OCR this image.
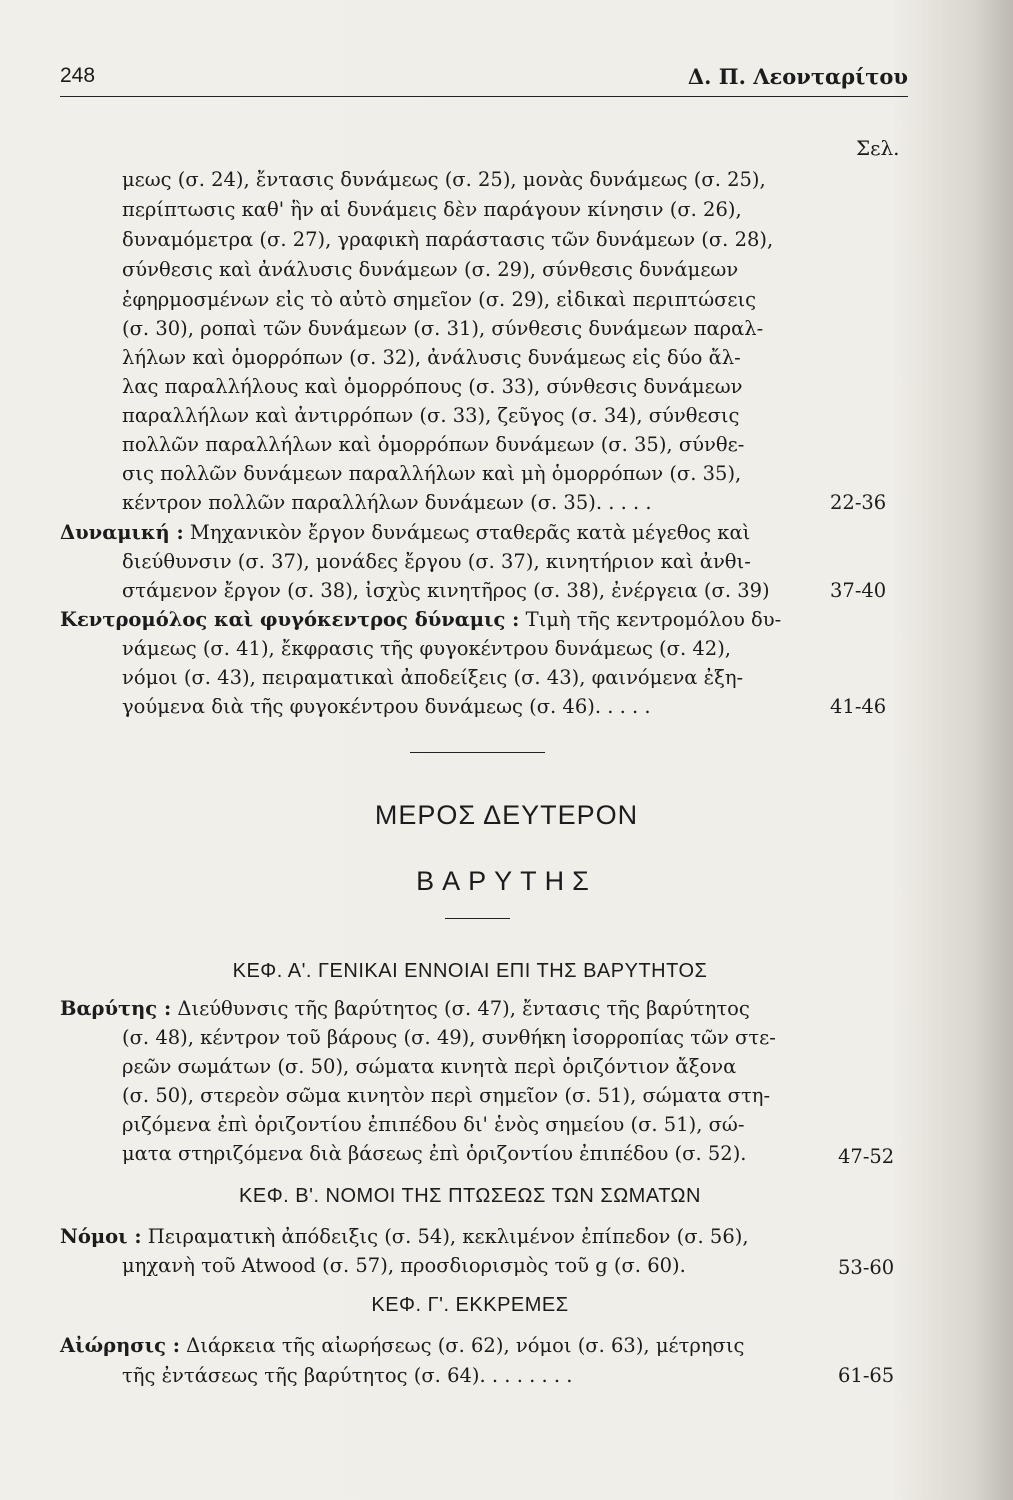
248	Δ. Π. Λεονταρίτου
Σελ.
μεως (σ. 24), ἔντασις δυνάμεως (σ. 25), μονὰς δυνάμεως (σ. 25),
περίπτωσις καθ' ἣν αἱ δυνάμεις δὲν παράγουν κίνησιν (σ. 26),
δυναμόμετρα (σ. 27), γραφικὴ παράστασις τῶν δυνάμεων (σ. 28),
σύνθεσις καὶ ἀνάλυσις δυνάμεων (σ. 29), σύνθεσις δυνάμεων
ἐφηρμοσμένων εἰς τὸ αὐτὸ σημεῖον (σ. 29), εἰδικαὶ περιπτώσεις
(σ. 30), ροπαὶ τῶν δυνάμεων (σ. 31), σύνθεσις δυνάμεων παραλ-
λήλων καὶ ὁμορρόπων (σ. 32), ἀνάλυσις δυνάμεως εἰς δύο ἄλ-
λας παραλλήλους καὶ ὁμορρόπους (σ. 33), σύνθεσις δυνάμεων
παραλλήλων καὶ ἀντιρρόπων (σ. 33), ζεῦγος (σ. 34), σύνθεσις
πολλῶν παραλλήλων καὶ ὁμορρόπων δυνάμεων (σ. 35), σύνθε-
σις πολλῶν δυνάμεων παραλλήλων καὶ μὴ ὁμορρόπων (σ. 35),
κέντρον πολλῶν παραλλήλων δυνάμεων (σ. 35). . . . .	22-36
Δυναμική : Μηχανικὸν ἔργον δυνάμεως σταθερᾶς κατὰ μέγεθος καὶ
διεύθυνσιν (σ. 37), μονάδες ἔργου (σ. 37), κινητήριον καὶ ἀνθι-
στάμενον ἔργον (σ. 38), ἰσχὺς κινητῆρος (σ. 38), ἐνέργεια (σ. 39)	37-40
Κεντρομόλος καὶ φυγόκεντρος δύναμις : Τιμὴ τῆς κεντρομόλου δυ-
νάμεως (σ. 41), ἔκφρασις τῆς φυγοκέντρου δυνάμεως (σ. 42),
νόμοι (σ. 43), πειραματικαὶ ἀποδείξεις (σ. 43), φαινόμενα ἐξη-
γούμενα διὰ τῆς φυγοκέντρου δυνάμεως (σ. 46). . . . .	41-46
ΜΕΡΟΣ ΔΕΥΤΕΡΟΝ
ΒΑΡΥΤΗΣ
ΚΕΦ. Α'. ΓΕΝΙΚΑΙ ΕΝΝΟΙΑΙ ΕΠΙ ΤΗΣ ΒΑΡΥΤΗΤΟΣ
Βαρύτης : Διεύθυνσις τῆς βαρύτητος (σ. 47), ἔντασις τῆς βαρύτητος
(σ. 48), κέντρον τοῦ βάρους (σ. 49), συνθήκη ἰσορροπίας τῶν στε-
ρεῶν σωμάτων (σ. 50), σώματα κινητὰ περὶ ὁριζόντιον ἄξονα
(σ. 50), στερεὸν σῶμα κινητὸν περὶ σημεῖον (σ. 51), σώματα στη-
ριζόμενα ἐπὶ ὁριζοντίου ἐπιπέδου δι' ἑνὸς σημείου (σ. 51), σώ-
ματα στηριζόμενα διὰ βάσεως ἐπὶ ὁριζοντίου ἐπιπέδου (σ. 52).	47-52
ΚΕΦ. Β'. ΝΟΜΟΙ ΤΗΣ ΠΤΩΣΕΩΣ ΤΩΝ ΣΩΜΑΤΩΝ
Νόμοι : Πειραματικὴ ἀπόδειξις (σ. 54), κεκλιμένον ἐπίπεδον (σ. 56),
μηχανὴ τοῦ Atwood (σ. 57), προσδιορισμὸς τοῦ g (σ. 60).	53-60
ΚΕΦ. Γ'. ΕΚΚΡΕΜΕΣ
Αἰώρησις : Διάρκεια τῆς αἰωρήσεως (σ. 62), νόμοι (σ. 63), μέτρησις
τῆς ἐντάσεως τῆς βαρύτητος (σ. 64). . . . . . . .	61-65
